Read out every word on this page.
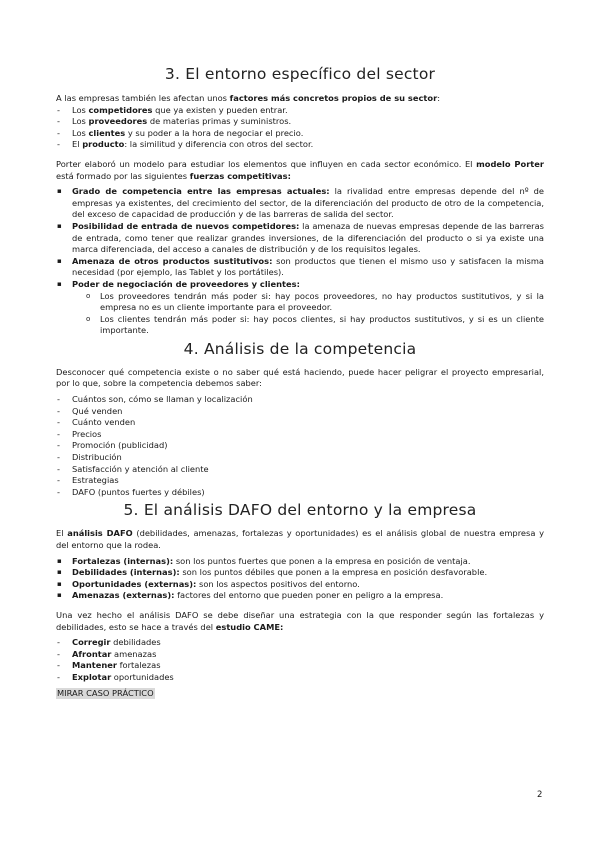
3. El entorno específico del sector

A las empresas también les afectan unos factores más concretos propios de su sector:

- Los competidores que ya existen y pueden entrar.
- Los proveedores de materias primas y suministros.
- Los clientes y su poder a la hora de negociar el precio.
- El producto: la similitud y diferencia con otros del sector.

Porter elaboró un modelo para estudiar los elementos que influyen en cada sector económico. El modelo Porter está formado por las siguientes fuerzas competitivas:

▪ Grado de competencia entre las empresas actuales: la rivalidad entre empresas depende del nº de empresas ya existentes, del crecimiento del sector, de la diferenciación del producto de otro de la competencia, del exceso de capacidad de producción y de las barreras de salida del sector.
▪ Posibilidad de entrada de nuevos competidores: la amenaza de nuevas empresas depende de las barreras de entrada, como tener que realizar grandes inversiones, de la diferenciación del producto o si ya existe una marca diferenciada, del acceso a canales de distribución y de los requisitos legales.
▪ Amenaza de otros productos sustitutivos: son productos que tienen el mismo uso y satisfacen la misma necesidad (por ejemplo, las Tablet y los portátiles).
▪ Poder de negociación de proveedores y clientes:
o Los proveedores tendrán más poder si: hay pocos proveedores, no hay productos sustitutivos, y si la empresa no es un cliente importante para el proveedor.
o Los clientes tendrán más poder si: hay pocos clientes, si hay productos sustitutivos, y si es un cliente importante.
4. Análisis de la competencia

Desconocer qué competencia existe o no saber qué está haciendo, puede hacer peligrar el proyecto empresarial, por lo que, sobre la competencia debemos saber:

- Cuántos son, cómo se llaman y localización
- Qué venden
- Cuánto venden
- Precios
- Promoción (publicidad)
- Distribución
- Satisfacción y atención al cliente
- Estrategias
- DAFO (puntos fuertes y débiles)
5. El análisis DAFO del entorno y la empresa

El análisis DAFO (debilidades, amenazas, fortalezas y oportunidades) es el análisis global de nuestra empresa y del entorno que la rodea.

▪ Fortalezas (internas): son los puntos fuertes que ponen a la empresa en posición de ventaja.
▪ Debilidades (internas): son los puntos débiles que ponen a la empresa en posición desfavorable.
▪ Oportunidades (externas): son los aspectos positivos del entorno.
▪ Amenazas (externas): factores del entorno que pueden poner en peligro a la empresa.

Una vez hecho el análisis DAFO se debe diseñar una estrategia con la que responder según las fortalezas y debilidades, esto se hace a través del estudio CAME:

- Corregir debilidades
- Afrontar amenazas
- Mantener fortalezas
- Explotar oportunidades

MIRAR CASO PRÁCTICO

2
